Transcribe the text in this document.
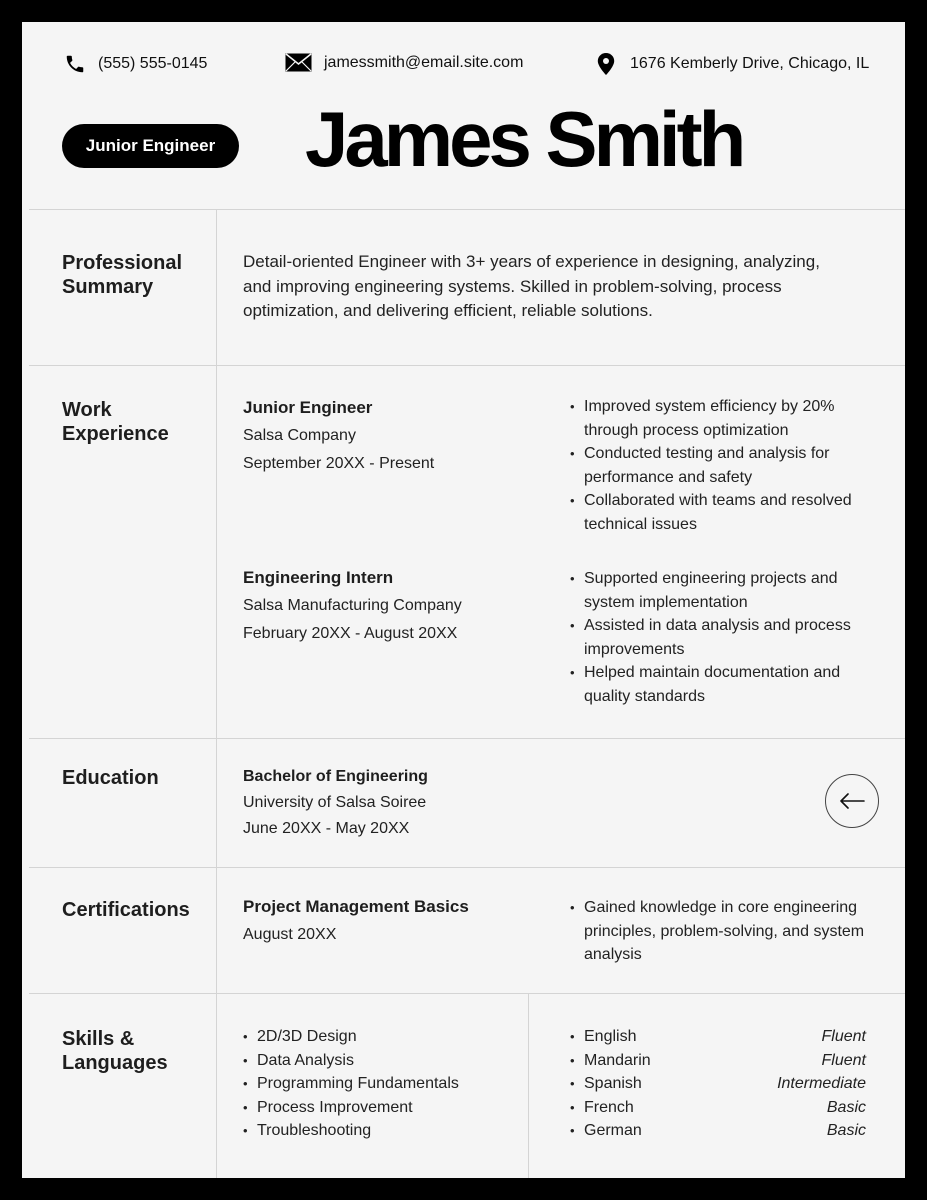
(555) 555-0145	jamessmith@email.site.com	1676 Kemberly Drive, Chicago, IL
Junior Engineer	James Smith
Professional Summary

Detail-oriented Engineer with 3+ years of experience in designing, analyzing, and improving engineering systems. Skilled in problem-solving, process optimization, and delivering efficient, reliable solutions.

Work
Experience
Junior Engineer
Salsa Company
September 20XX - Present
• Improved system efficiency by 20% through process optimization
• Conducted testing and analysis for performance and safety
• Collaborated with teams and resolved technical issues
Engineering Intern
Salsa Manufacturing Company
February 20XX - August 20XX
• Supported engineering projects and system implementation
• Assisted in data analysis and process improvements
• Helped maintain documentation and quality standards
Education	Bachelor of Engineering
University of Salsa Soiree
June 20XX - May 20XX
Certifications	Project Management Basics
August 20XX
• Gained knowledge in core engineering principles, problem-solving, and system analysis
Skills &
Languages
• 2D/3D Design
• Data Analysis
• Programming Fundamentals
• Process Improvement
• Troubleshooting
• English	Fluent
• Mandarin	Fluent
• Spanish	Intermediate
• French	Basic
• German	Basic
